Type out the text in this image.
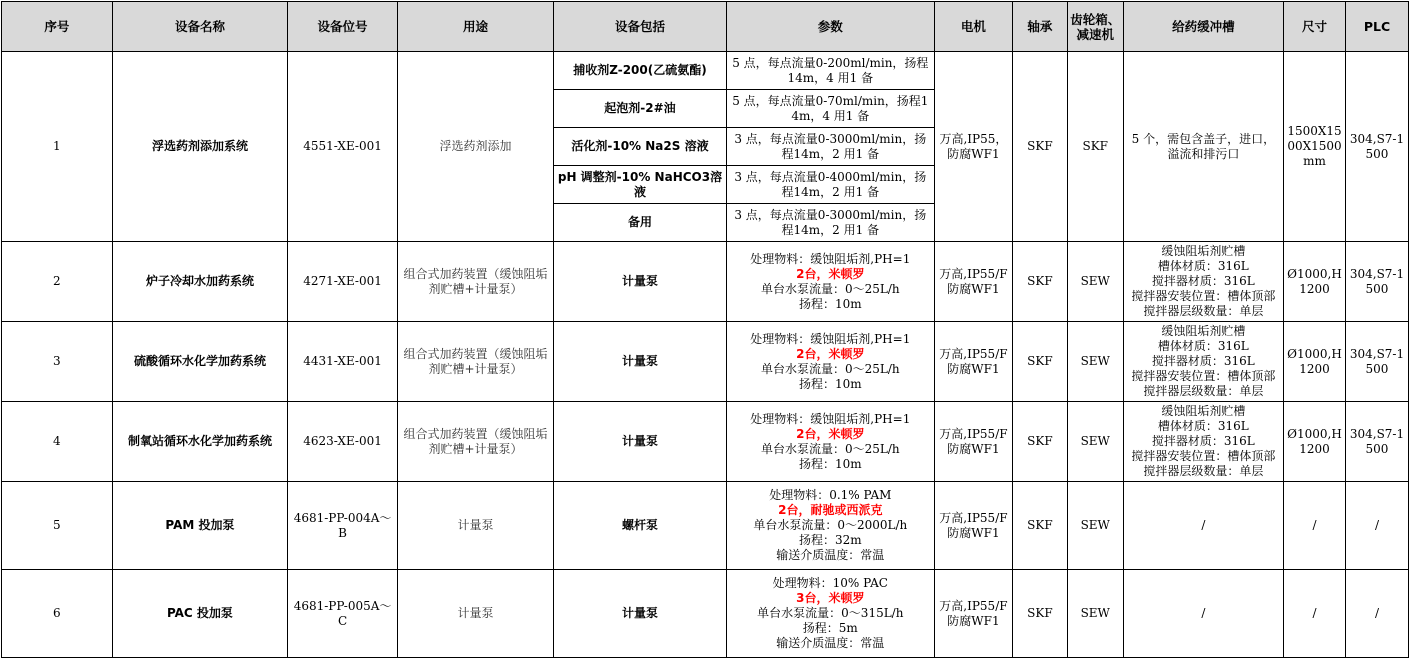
序号	设备名称	设备位号	用途	设备包括	参数	电机	轴承	齿轮箱、减速机	给药缓冲槽	尺寸	PLC
1	浮选药剂添加系统	4551-XE-001	浮选药剂添加	捕收剂Z-200(乙硫氨酯)	5 点，每点流量0-200ml/min，扬程14m，4 用1 备	万高,IP55，防腐WF1	SKF	SKF	5 个，需包含盖子，进口，溢流和排污口	1500X1500X1500mm	304,S7-1500
				起泡剂-2#油	5 点，每点流量0-70ml/min，扬程14m，4 用1 备						
				活化剂-10% Na2S 溶液	3 点，每点流量0-3000ml/min，扬程14m，2 用1 备						
				pH 调整剂-10% NaHCO3溶液	3 点，每点流量0-4000ml/min，扬程14m，2 用1 备						
				备用	3 点，每点流量0-3000ml/min，扬程14m，2 用1 备						
2	炉子冷却水加药系统	4271-XE-001	组合式加药装置（缓蚀阻垢剂贮槽+计量泵）	计量泵	处理物料：缓蚀阻垢剂,PH=1
2台，米顿罗
单台水泵流量：0～25L/h
扬程：10m	万高,IP55/F防腐WF1	SKF	SEW	缓蚀阻垢剂贮槽
槽体材质：316L
搅拌器材质：316L
搅拌器安装位置：槽体顶部
搅拌器层级数量：单层	Ø1000,H1200	304,S7-1500
3	硫酸循环水化学加药系统	4431-XE-001	组合式加药装置（缓蚀阻垢剂贮槽+计量泵）	计量泵	处理物料：缓蚀阻垢剂,PH=1
2台，米顿罗
单台水泵流量：0～25L/h
扬程：10m	万高,IP55/F防腐WF1	SKF	SEW	缓蚀阻垢剂贮槽
槽体材质：316L
搅拌器材质：316L
搅拌器安装位置：槽体顶部
搅拌器层级数量：单层	Ø1000,H1200	304,S7-1500
4	制氧站循环水化学加药系统	4623-XE-001	组合式加药装置（缓蚀阻垢剂贮槽+计量泵）	计量泵	处理物料：缓蚀阻垢剂,PH=1
2台，米顿罗
单台水泵流量：0～25L/h
扬程：10m	万高,IP55/F防腐WF1	SKF	SEW	缓蚀阻垢剂贮槽
槽体材质：316L
搅拌器材质：316L
搅拌器安装位置：槽体顶部
搅拌器层级数量：单层	Ø1000,H1200	304,S7-1500
5	PAM 投加泵	4681-PP-004A～B	计量泵	螺杆泵	处理物料：0.1% PAM
2台，耐驰或西派克
单台水泵流量：0～2000L/h
扬程：32m
输送介质温度：常温	万高,IP55/F防腐WF1	SKF	SEW	/	/	/
6	PAC 投加泵	4681-PP-005A～C	计量泵	计量泵	处理物料：10% PAC
3台，米顿罗
单台水泵流量：0～315L/h
扬程：5m
输送介质温度：常温	万高,IP55/F防腐WF1	SKF	SEW	/	/	/
